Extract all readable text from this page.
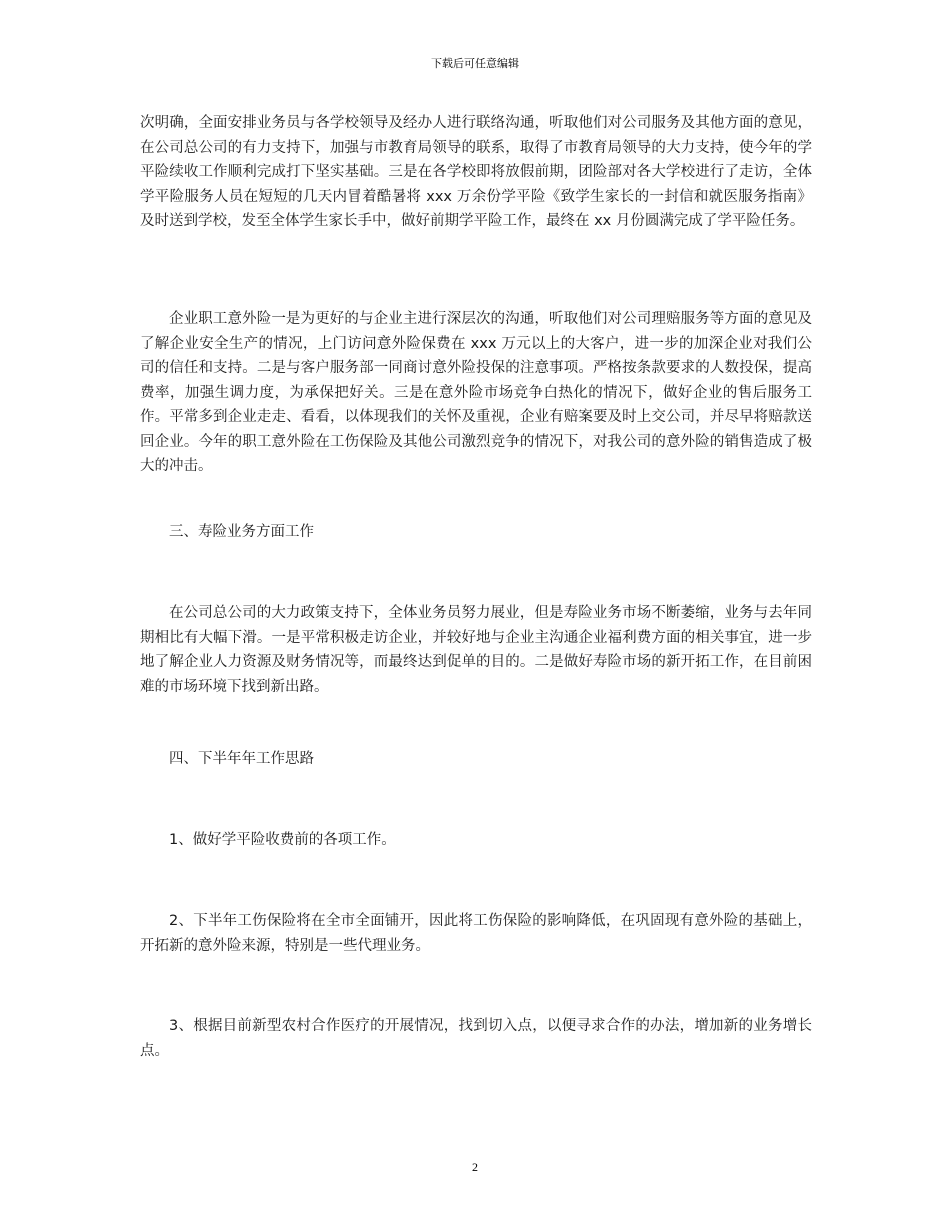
下载后可任意编辑

次明确，全面安排业务员与各学校领导及经办人进行联络沟通，听取他们对公司服务及其他方面的意见，在公司总公司的有力支持下，加强与市教育局领导的联系，取得了市教育局领导的大力支持，使今年的学平险续收工作顺利完成打下坚实基础。三是在各学校即将放假前期，团险部对各大学校进行了走访，全体学平险服务人员在短短的几天内冒着酷暑将 xxx 万余份学平险《致学生家长的一封信和就医服务指南》及时送到学校，发至全体学生家长手中，做好前期学平险工作，最终在 xx 月份圆满完成了学平险任务。

企业职工意外险一是为更好的与企业主进行深层次的沟通，听取他们对公司理赔服务等方面的意见及了解企业安全生产的情况，上门访问意外险保费在 xxx 万元以上的大客户，进一步的加深企业对我们公司的信任和支持。二是与客户服务部一同商讨意外险投保的注意事项。严格按条款要求的人数投保，提高费率，加强生调力度，为承保把好关。三是在意外险市场竞争白热化的情况下，做好企业的售后服务工作。平常多到企业走走、看看，以体现我们的关怀及重视，企业有赔案要及时上交公司，并尽早将赔款送回企业。今年的职工意外险在工伤保险及其他公司激烈竞争的情况下，对我公司的意外险的销售造成了极大的冲击。

三、寿险业务方面工作

在公司总公司的大力政策支持下，全体业务员努力展业，但是寿险业务市场不断萎缩，业务与去年同期相比有大幅下滑。一是平常积极走访企业，并较好地与企业主沟通企业福利费方面的相关事宜，进一步地了解企业人力资源及财务情况等，而最终达到促单的目的。二是做好寿险市场的新开拓工作，在目前困难的市场环境下找到新出路。

四、下半年年工作思路

1、做好学平险收费前的各项工作。

2、下半年工伤保险将在全市全面铺开，因此将工伤保险的影响降低，在巩固现有意外险的基础上，开拓新的意外险来源，特别是一些代理业务。

3、根据目前新型农村合作医疗的开展情况，找到切入点，以便寻求合作的办法，增加新的业务增长点。

2
